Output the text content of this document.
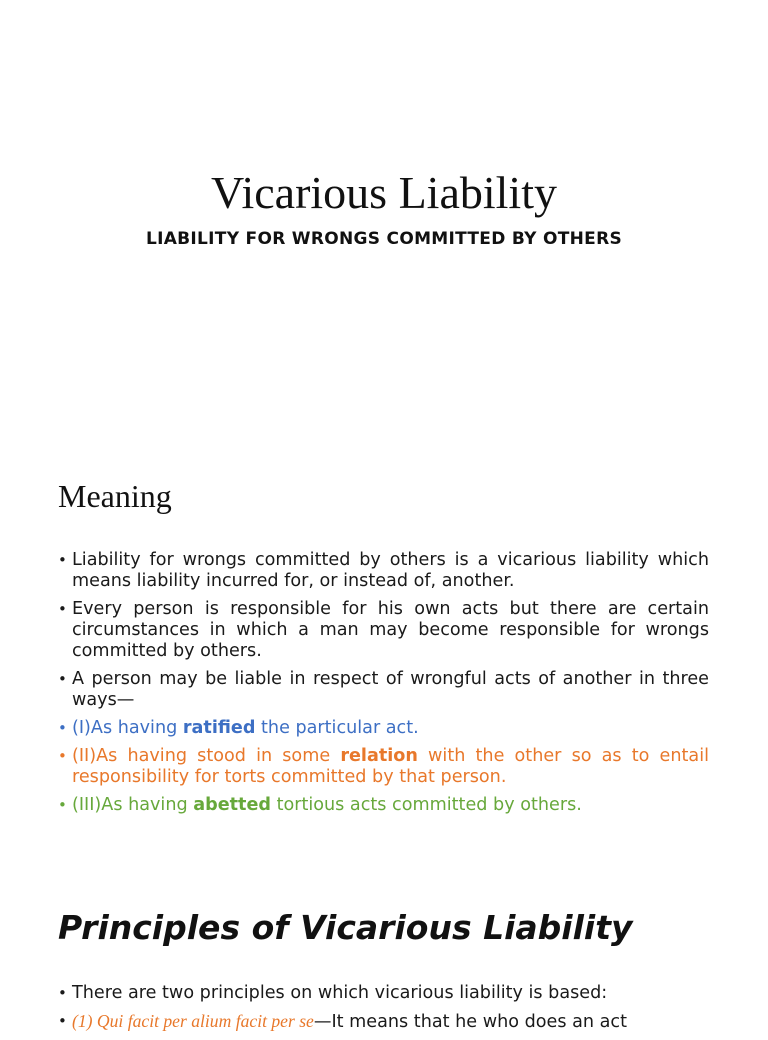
Vicarious Liability
LIABILITY FOR WRONGS COMMITTED BY OTHERS
Meaning
• Liability for wrongs committed by others is a vicarious liability which means liability incurred for, or instead of, another.
• Every person is responsible for his own acts but there are certain circumstances in which a man may become responsible for wrongs committed by others.
• A person may be liable in respect of wrongful acts of another in three ways—
• (I)As having ratified the particular act.
• (II)As having stood in some relation with the other so as to entail responsibility for torts committed by that person.
• (III)As having abetted tortious acts committed by others.
Principles of Vicarious Liability
• There are two principles on which vicarious liability is based:
• (1) Qui facit per alium facit per se—It means that he who does an act
